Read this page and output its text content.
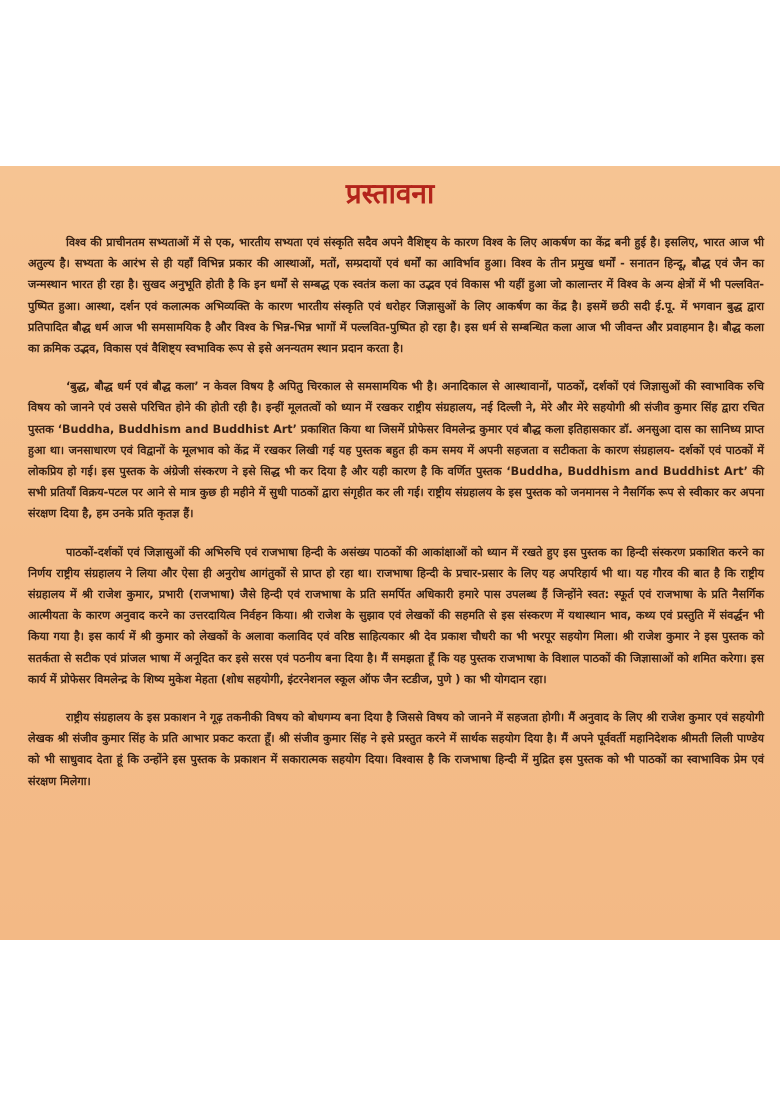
प्रस्तावना

विश्व की प्राचीनतम सभ्यताओं में से एक, भारतीय सभ्यता एवं संस्कृति सदैव अपने वैशिष्ट्य के कारण विश्व के लिए आकर्षण का केंद्र बनी हुई है। इसलिए, भारत आज भी अतुल्य है। सभ्यता के आरंभ से ही यहाँ विभिन्न प्रकार की आस्थाओं, मतों, सम्प्रदायों एवं धर्मों का आविर्भाव हुआ। विश्व के तीन प्रमुख धर्मों - सनातन हिन्दू, बौद्ध एवं जैन का जन्मस्थान भारत ही रहा है। सुखद अनुभूति होती है कि इन धर्मों से सम्बद्ध एक स्वतंत्र कला का उद्भव एवं विकास भी यहीं हुआ जो कालान्तर में विश्व के अन्य क्षेत्रों में भी पल्लवित-पुष्पित हुआ। आस्था, दर्शन एवं कलात्मक अभिव्यक्ति के कारण भारतीय संस्कृति एवं धरोहर जिज्ञासुओं के लिए आकर्षण का केंद्र है। इसमें छठी सदी ई.पू. में भगवान बुद्ध द्वारा प्रतिपादित बौद्ध धर्म आज भी समसामयिक है और विश्व के भिन्न-भिन्न भागों में पल्लवित-पुष्पित हो रहा है। इस धर्म से सम्बन्धित कला आज भी जीवन्त और प्रवाहमान है। बौद्ध कला का क्रमिक उद्भव, विकास एवं वैशिष्ट्य स्वभाविक रूप से इसे अनन्यतम स्थान प्रदान करता है।

‘बुद्ध, बौद्ध धर्म एवं बौद्ध कला’ न केवल विषय है अपितु चिरकाल से समसामयिक भी है। अनादिकाल से आस्थावानों, पाठकों, दर्शकों एवं जिज्ञासुओं की स्वाभाविक रुचि विषय को जानने एवं उससे परिचित होने की होती रही है। इन्हीं मूलतत्वों को ध्यान में रखकर राष्ट्रीय संग्रहालय, नई दिल्ली ने, मेरे और मेरे सहयोगी श्री संजीव कुमार सिंह द्वारा रचित पुस्तक ‘Buddha, Buddhism and Buddhist Art’ प्रकाशित किया था जिसमें प्रोफेसर विमलेन्द्र कुमार एवं बौद्ध कला इतिहासकार डॉ. अनसुआ दास का सानिध्य प्राप्त हुआ था। जनसाधारण एवं विद्वानों के मूलभाव को केंद्र में रखकर लिखी गई यह पुस्तक बहुत ही कम समय में अपनी सहजता व सटीकता के कारण संग्रहालय- दर्शकों एवं पाठकों में लोकप्रिय हो गई। इस पुस्तक के अंग्रेजी संस्करण ने इसे सिद्ध भी कर दिया है और यही कारण है कि वर्णित पुस्तक ‘Buddha, Buddhism and Buddhist Art’ की सभी प्रतियाँ विक्रय-पटल पर आने से मात्र कुछ ही महीने में सुधी पाठकों द्वारा संगृहीत कर ली गई। राष्ट्रीय संग्रहालय के इस पुस्तक को जनमानस ने नैसर्गिक रूप से स्वीकार कर अपना संरक्षण दिया है, हम उनके प्रति कृतज्ञ हैं।

पाठकों-दर्शकों एवं जिज्ञासुओं की अभिरुचि एवं राजभाषा हिन्दी के असंख्य पाठकों की आकांक्षाओं को ध्यान में रखते हुए इस पुस्तक का हिन्दी संस्करण प्रकाशित करने का निर्णय राष्ट्रीय संग्रहालय ने लिया और ऐसा ही अनुरोध आगंतुकों से प्राप्त हो रहा था। राजभाषा हिन्दी के प्रचार-प्रसार के लिए यह अपरिहार्य भी था। यह गौरव की बात है कि राष्ट्रीय संग्रहालय में श्री राजेश कुमार, प्रभारी (राजभाषा) जैसे हिन्दी एवं राजभाषा के प्रति समर्पित अधिकारी हमारे पास उपलब्ध हैं जिन्होंने स्वत: स्फूर्त एवं राजभाषा के प्रति नैसर्गिक आत्मीयता के कारण अनुवाद करने का उत्तरदायित्व निर्वहन किया। श्री राजेश के सुझाव एवं लेखकों की सहमति से इस संस्करण में यथास्थान भाव, कथ्य एवं प्रस्तुति में संवर्द्धन भी किया गया है। इस कार्य में श्री कुमार को लेखकों के अलावा कलाविद एवं वरिष्ठ साहित्यकार श्री देव प्रकाश चौधरी का भी भरपूर सहयोग मिला। श्री राजेश कुमार ने इस पुस्तक को सतर्कता से सटीक एवं प्रांजल भाषा में अनूदित कर इसे सरस एवं पठनीय बना दिया है। मैं समझता हूँ कि यह पुस्तक राजभाषा के विशाल पाठकों की जिज्ञासाओं को शमित करेगा। इस कार्य में प्रोफेसर विमलेन्द्र के शिष्य मुकेश मेहता (शोध सहयोगी, इंटरनेशनल स्कूल ऑफ जैन स्टडीज, पुणे ) का भी योगदान रहा।

राष्ट्रीय संग्रहालय के इस प्रकाशन ने गूढ़ तकनीकी विषय को बोधगम्य बना दिया है जिससे विषय को जानने में सहजता होगी। मैं अनुवाद के लिए श्री राजेश कुमार एवं सहयोगी लेखक श्री संजीव कुमार सिंह के प्रति आभार प्रकट करता हूँ। श्री संजीव कुमार सिंह ने इसे प्रस्तुत करने में सार्थक सहयोग दिया है। मैं अपने पूर्ववर्ती महानिदेशक श्रीमती लिली पाण्डेय को भी साधुवाद देता हूं कि उन्होंने इस पुस्तक के प्रकाशन में सकारात्मक सहयोग दिया। विश्वास है कि राजभाषा हिन्दी में मुद्रित इस पुस्तक को भी पाठकों का स्वाभाविक प्रेम एवं संरक्षण मिलेगा।
